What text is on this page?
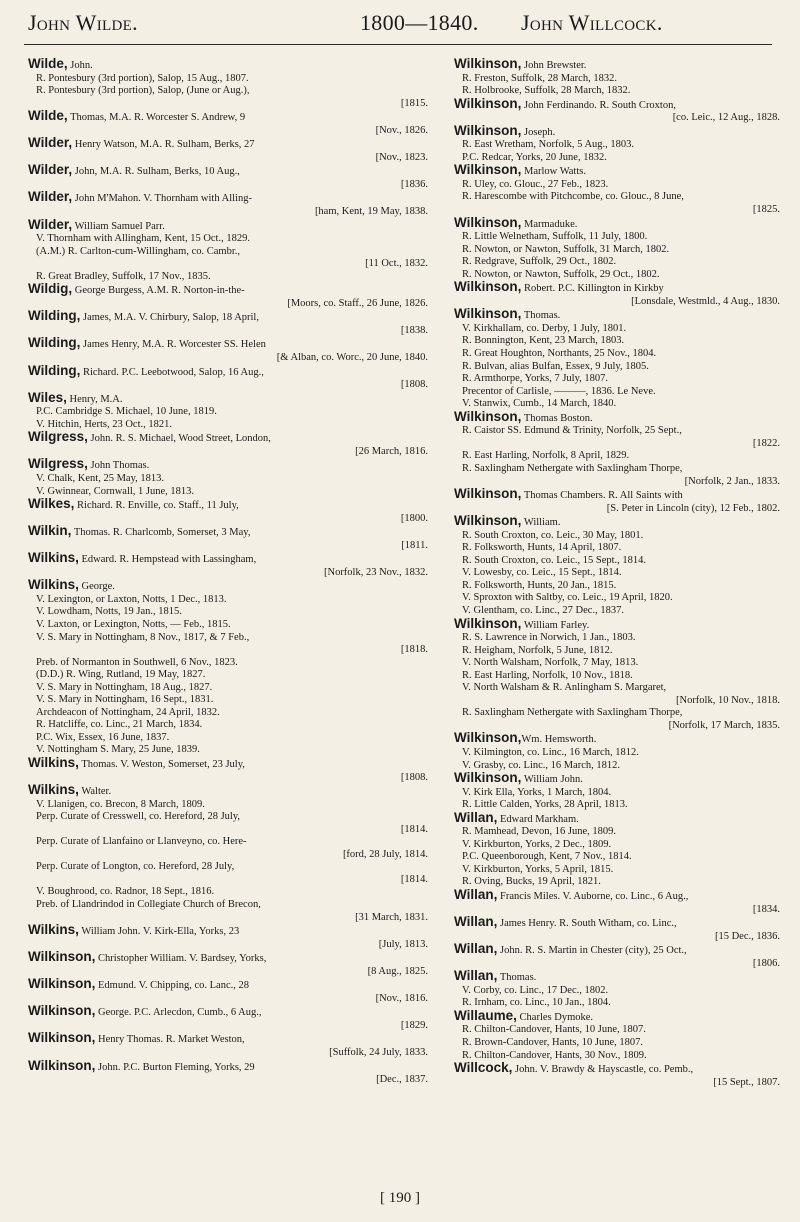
John Wilde.	1800—1840. John Willcock.
Wilde, John.
R. Pontesbury (3rd portion), Salop, 15 Aug., 1807.
R. Pontesbury (3rd portion), Salop, (June or Aug.),
[1815.
Wilde, Thomas, M.A. R. Worcester S. Andrew, 9
[Nov., 1826.
Wilder, Henry Watson, M.A. R. Sulham, Berks, 27
[Nov., 1823.
Wilder, John, M.A. R. Sulham, Berks, 10 Aug.,
[1836.
Wilder, John M'Mahon. V. Thornham with Alling-
[ham, Kent, 19 May, 1838.
Wilder, William Samuel Parr.
V. Thornham with Allingham, Kent, 15 Oct., 1829.
(A.M.) R. Carlton-cum-Willingham, co. Cambr.,
[11 Oct., 1832.
R. Great Bradley, Suffolk, 17 Nov., 1835.
Wildig, George Burgess, A.M. R. Norton-in-the-
[Moors, co. Staff., 26 June, 1826.
Wilding, James, M.A. V. Chirbury, Salop, 18 April,
[1838.
Wilding, James Henry, M.A. R. Worcester SS. Helen
[& Alban, co. Worc., 20 June, 1840.
Wilding, Richard. P.C. Leebotwood, Salop, 16 Aug.,
[1808.
Wiles, Henry, M.A.
P.C. Cambridge S. Michael, 10 June, 1819.
V. Hitchin, Herts, 23 Oct., 1821.
Wilgress, John. R. S. Michael, Wood Street, London,
[26 March, 1816.
Wilgress, John Thomas.
V. Chalk, Kent, 25 May, 1813.
V. Gwinnear, Cornwall, 1 June, 1813.
Wilkes, Richard. R. Enville, co. Staff., 11 July,
[1800.
Wilkin, Thomas. R. Charlcomb, Somerset, 3 May,
[1811.
Wilkins, Edward. R. Hempstead with Lassingham,
[Norfolk, 23 Nov., 1832.
Wilkins, George.
V. Lexington, or Laxton, Notts, 1 Dec., 1813.
V. Lowdham, Notts, 19 Jan., 1815.
V. Laxton, or Lexington, Notts, — Feb., 1815.
V. S. Mary in Nottingham, 8 Nov., 1817, & 7 Feb.,
[1818.
Preb. of Normanton in Southwell, 6 Nov., 1823.
(D.D.) R. Wing, Rutland, 19 May, 1827.
V. S. Mary in Nottingham, 18 Aug., 1827.
V. S. Mary in Nottingham, 16 Sept., 1831.
Archdeacon of Nottingham, 24 April, 1832.
R. Hatcliffe, co. Linc., 21 March, 1834.
P.C. Wix, Essex, 16 June, 1837.
V. Nottingham S. Mary, 25 June, 1839.
Wilkins, Thomas. V. Weston, Somerset, 23 July,
[1808.
Wilkins, Walter.
V. Llanigen, co. Brecon, 8 March, 1809.
Perp. Curate of Cresswell, co. Hereford, 28 July,
[1814.
Perp. Curate of Llanfaino or Llanveyno, co. Here-
[ford, 28 July, 1814.
Perp. Curate of Longton, co. Hereford, 28 July,
[1814.
V. Boughrood, co. Radnor, 18 Sept., 1816.
Preb. of Llandrindod in Collegiate Church of Brecon,
[31 March, 1831.
Wilkins, William John. V. Kirk-Ella, Yorks, 23
[July, 1813.
Wilkinson, Christopher William. V. Bardsey, Yorks,
[8 Aug., 1825.
Wilkinson, Edmund. V. Chipping, co. Lanc., 28
[Nov., 1816.
Wilkinson, George. P.C. Arlecdon, Cumb., 6 Aug.,
[1829.
Wilkinson, Henry Thomas. R. Market Weston,
[Suffolk, 24 July, 1833.
Wilkinson, John. P.C. Burton Fleming, Yorks, 29
[Dec., 1837.
Wilkinson, John Brewster.
R. Freston, Suffolk, 28 March, 1832.
R. Holbrooke, Suffolk, 28 March, 1832.
Wilkinson, John Ferdinando. R. South Croxton,
[co. Leic., 12 Aug., 1828.
Wilkinson, Joseph.
R. East Wretham, Norfolk, 5 Aug., 1803.
P.C. Redcar, Yorks, 20 June, 1832.
Wilkinson, Marlow Watts.
R. Uley, co. Glouc., 27 Feb., 1823.
R. Harescombe with Pitchcombe, co. Glouc., 8 June,
[1825.
Wilkinson, Marmaduke.
R. Little Welnetham, Suffolk, 11 July, 1800.
R. Nowton, or Nawton, Suffolk, 31 March, 1802.
R. Redgrave, Suffolk, 29 Oct., 1802.
R. Nowton, or Nawton, Suffolk, 29 Oct., 1802.
Wilkinson, Robert. P.C. Killington in Kirkby
[Lonsdale, Westmld., 4 Aug., 1830.
Wilkinson, Thomas.
V. Kirkhallam, co. Derby, 1 July, 1801.
R. Bonnington, Kent, 23 March, 1803.
R. Great Houghton, Northants, 25 Nov., 1804.
R. Bulvan, alias Bulfan, Essex, 9 July, 1805.
R. Armthorpe, Yorks, 7 July, 1807.
Precentor of Carlisle, ———, 1836. Le Neve.
V. Stanwix, Cumb., 14 March, 1840.
Wilkinson, Thomas Boston.
R. Caistor SS. Edmund & Trinity, Norfolk, 25 Sept.,
[1822.
R. East Harling, Norfolk, 8 April, 1829.
R. Saxlingham Nethergate with Saxlingham Thorpe,
[Norfolk, 2 Jan., 1833.
Wilkinson, Thomas Chambers. R. All Saints with
[S. Peter in Lincoln (city), 12 Feb., 1802.
Wilkinson, William.
R. South Croxton, co. Leic., 30 May, 1801.
R. Folksworth, Hunts, 14 April, 1807.
R. South Croxton, co. Leic., 15 Sept., 1814.
V. Lowesby, co. Leic., 15 Sept., 1814.
R. Folksworth, Hunts, 20 Jan., 1815.
V. Sproxton with Saltby, co. Leic., 19 April, 1820.
V. Glentham, co. Linc., 27 Dec., 1837.
Wilkinson, William Farley.
R. S. Lawrence in Norwich, 1 Jan., 1803.
R. Heigham, Norfolk, 5 June, 1812.
V. North Walsham, Norfolk, 7 May, 1813.
R. East Harling, Norfolk, 10 Nov., 1818.
V. North Walsham & R. Anlingham S. Margaret,
[Norfolk, 10 Nov., 1818.
R. Saxlingham Nethergate with Saxlingham Thorpe,
[Norfolk, 17 March, 1835.
Wilkinson,Wm. Hemsworth.
V. Kilmington, co. Linc., 16 March, 1812.
V. Grasby, co. Linc., 16 March, 1812.
Wilkinson, William John.
V. Kirk Ella, Yorks, 1 March, 1804.
R. Little Calden, Yorks, 28 April, 1813.
Willan, Edward Markham.
R. Mamhead, Devon, 16 June, 1809.
V. Kirkburton, Yorks, 2 Dec., 1809.
P.C. Queenborough, Kent, 7 Nov., 1814.
V. Kirkburton, Yorks, 5 April, 1815.
R. Oving, Bucks, 19 April, 1821.
Willan, Francis Miles. V. Auborne, co. Linc., 6 Aug.,
[1834.
Willan, James Henry. R. South Witham, co. Linc.,
[15 Dec., 1836.
Willan, John. R. S. Martin in Chester (city), 25 Oct.,
[1806.
Willan, Thomas.
V. Corby, co. Linc., 17 Dec., 1802.
R. Irnham, co. Linc., 10 Jan., 1804.
Willaume, Charles Dymoke.
R. Chilton-Candover, Hants, 10 June, 1807.
R. Brown-Candover, Hants, 10 June, 1807.
R. Chilton-Candover, Hants, 30 Nov., 1809.
Willcock, John. V. Brawdy & Hayscastle, co. Pemb.,
[15 Sept., 1807.
[ 190 ]
